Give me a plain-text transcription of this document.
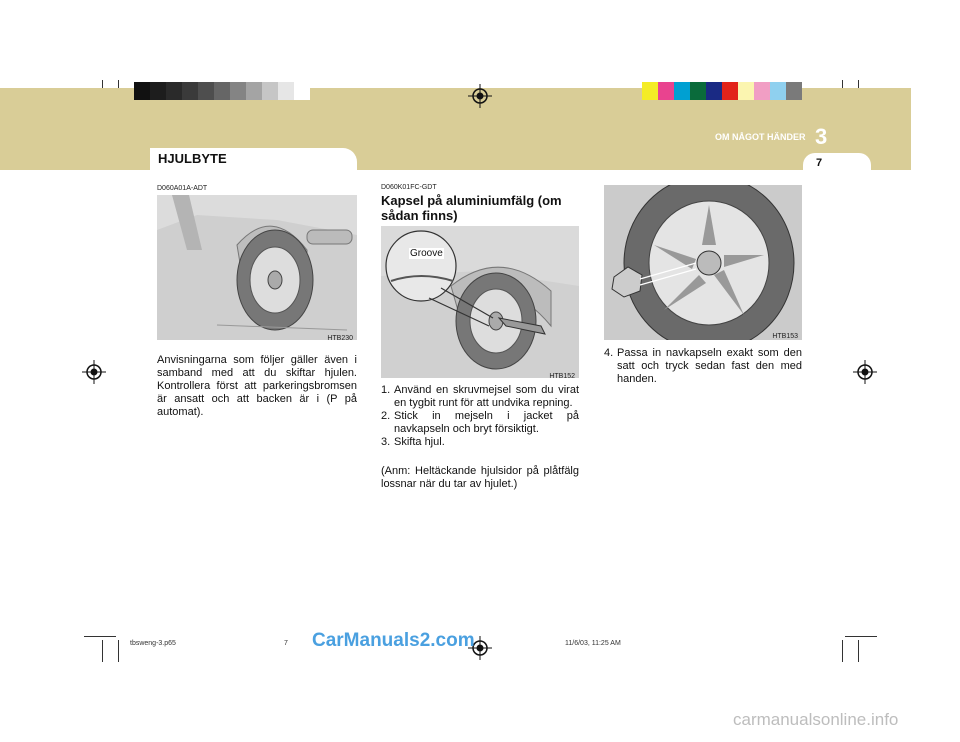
OM NÅGOT HÄNDER 3
HJULBYTE	7
D060A01A-ADT
HTB230
Anvisningarna som följer gäller även i samband med att du skiftar hjulen. Kontrollera först att parkeringsbromsen är ansatt och att backen är i (P på automat).
D060K01FC-GDT
Kapsel på aluminiumfälg (om sådan finns)
Groove
HTB152
1. Använd en skruvmejsel som du virat en tygbit runt för att undvika repning.
2. Stick in mejseln i jacket på navkapseln och bryt försiktigt.
3. Skifta hjul.
(Anm: Heltäckande hjulsidor på plåtfälg lossnar när du tar av hjulet.)
HTB153
4. Passa in navkapseln exakt som den satt och tryck sedan fast den med handen.
tbsweng-3.p65	7	11/6/03, 11:25 AM
CarManuals2.com
carmanualsonline.info
